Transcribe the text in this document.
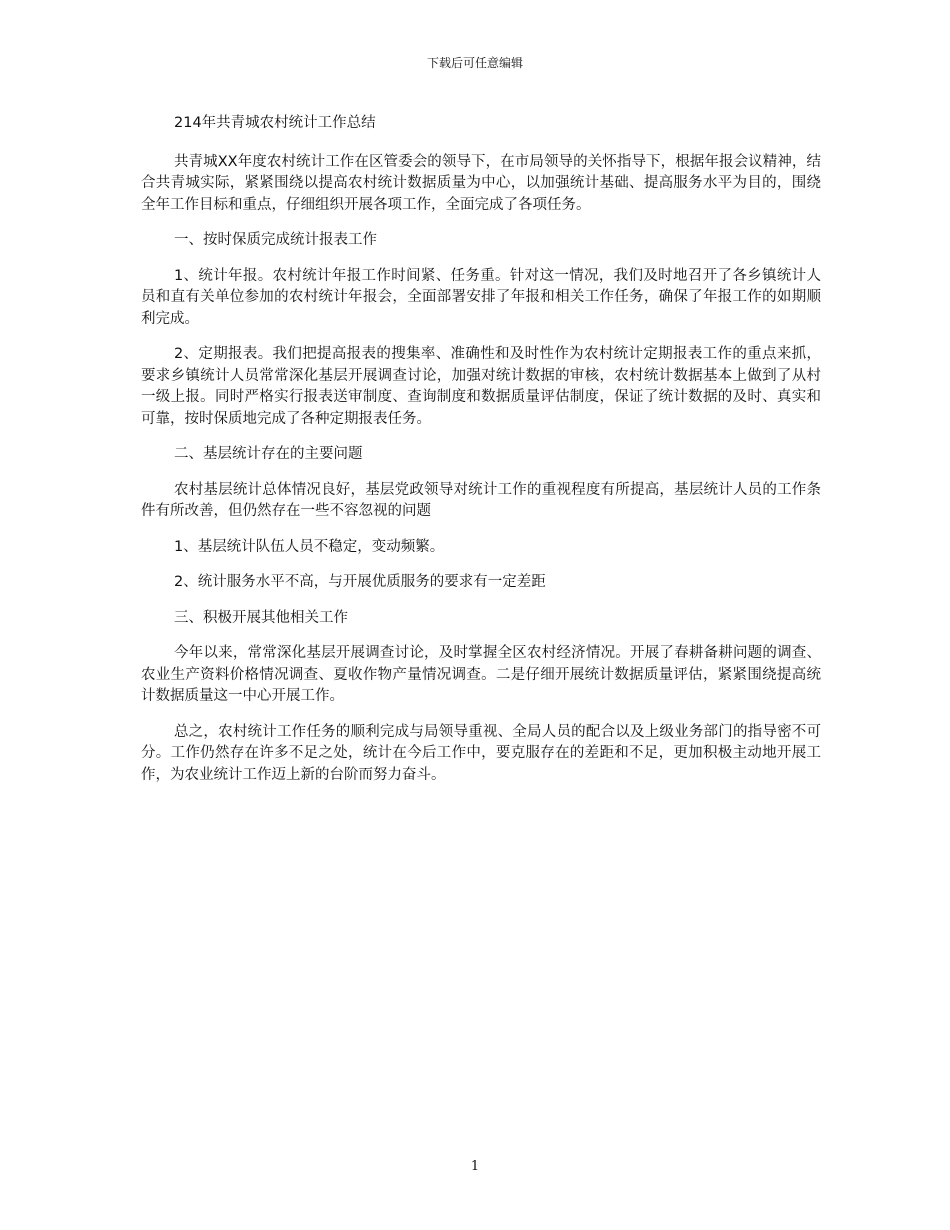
下载后可任意编辑

214年共青城农村统计工作总结

共青城XX年度农村统计工作在区管委会的领导下，在市局领导的关怀指导下，根据年报会议精神，结合共青城实际，紧紧围绕以提高农村统计数据质量为中心，以加强统计基础、提高服务水平为目的，围绕全年工作目标和重点，仔细组织开展各项工作，全面完成了各项任务。

一、按时保质完成统计报表工作

1、统计年报。农村统计年报工作时间紧、任务重。针对这一情况，我们及时地召开了各乡镇统计人员和直有关单位参加的农村统计年报会，全面部署安排了年报和相关工作任务，确保了年报工作的如期顺利完成。

2、定期报表。我们把提高报表的搜集率、准确性和及时性作为农村统计定期报表工作的重点来抓，要求乡镇统计人员常常深化基层开展调查讨论，加强对统计数据的审核，农村统计数据基本上做到了从村一级上报。同时严格实行报表送审制度、查询制度和数据质量评估制度，保证了统计数据的及时、真实和可靠，按时保质地完成了各种定期报表任务。

二、基层统计存在的主要问题

农村基层统计总体情况良好，基层党政领导对统计工作的重视程度有所提高，基层统计人员的工作条件有所改善，但仍然存在一些不容忽视的问题

1、基层统计队伍人员不稳定，变动频繁。

2、统计服务水平不高，与开展优质服务的要求有一定差距

三、积极开展其他相关工作

今年以来，常常深化基层开展调查讨论，及时掌握全区农村经济情况。开展了春耕备耕问题的调查、农业生产资料价格情况调查、夏收作物产量情况调查。二是仔细开展统计数据质量评估，紧紧围绕提高统计数据质量这一中心开展工作。

总之，农村统计工作任务的顺利完成与局领导重视、全局人员的配合以及上级业务部门的指导密不可分。工作仍然存在许多不足之处，统计在今后工作中，要克服存在的差距和不足，更加积极主动地开展工作，为农业统计工作迈上新的台阶而努力奋斗。

1
